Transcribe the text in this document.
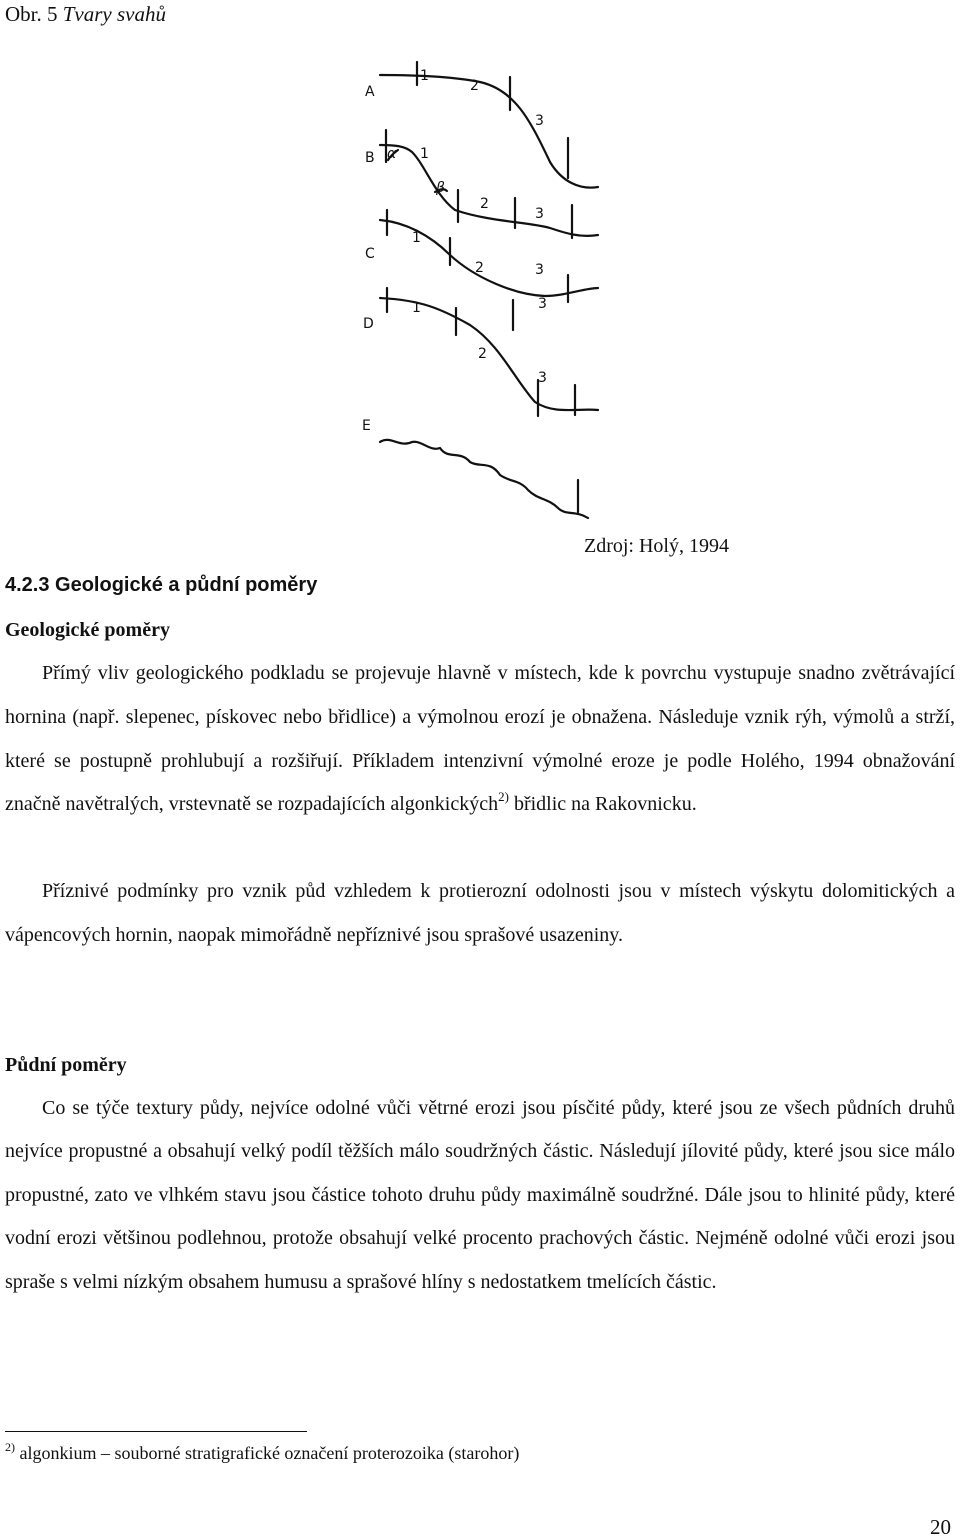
Obr. 5 Tvary svahů
A
B
C
D
E
1
2
3
α 1
β
2
3
1
2	3
1
2
3
3
Zdroj: Holý, 1994
4.2.3 Geologické a půdní poměry
Geologické poměry

Přímý vliv geologického podkladu se projevuje hlavně v místech, kde k povrchu vystupuje snadno zvětrávající hornina (např. slepenec, pískovec nebo břidlice) a výmolnou erozí je obnažena. Následuje vznik rýh, výmolů a strží, které se postupně prohlubují a rozšiřují. Příkladem intenzivní výmolné eroze je podle Holého, 1994 obnažování značně navětralých, vrstevnatě se rozpadajících algonkických$^{2)}$ břidlic na Rakovnicku.

Příznivé podmínky pro vznik půd vzhledem k protierozní odolnosti jsou v místech výskytu dolomitických a vápencových hornin, naopak mimořádně nepříznivé jsou sprašové usazeniny.

Půdní poměry

Co se týče textury půdy, nejvíce odolné vůči větrné erozi jsou písčité půdy, které jsou ze všech půdních druhů nejvíce propustné a obsahují velký podíl těžších málo soudržných částic. Následují jílovité půdy, které jsou sice málo propustné, zato ve vlhkém stavu jsou částice tohoto druhu půdy maximálně soudržné. Dále jsou to hlinité půdy, které vodní erozi většinou podlehnou, protože obsahují velké procento prachových částic. Nejméně odolné vůči erozi jsou spraše s velmi nízkým obsahem humusu a sprašové hlíny s nedostatkem tmelících částic.

$^{2)}$ algonkium – souborné stratigrafické označení proterozoika (starohor)
20
